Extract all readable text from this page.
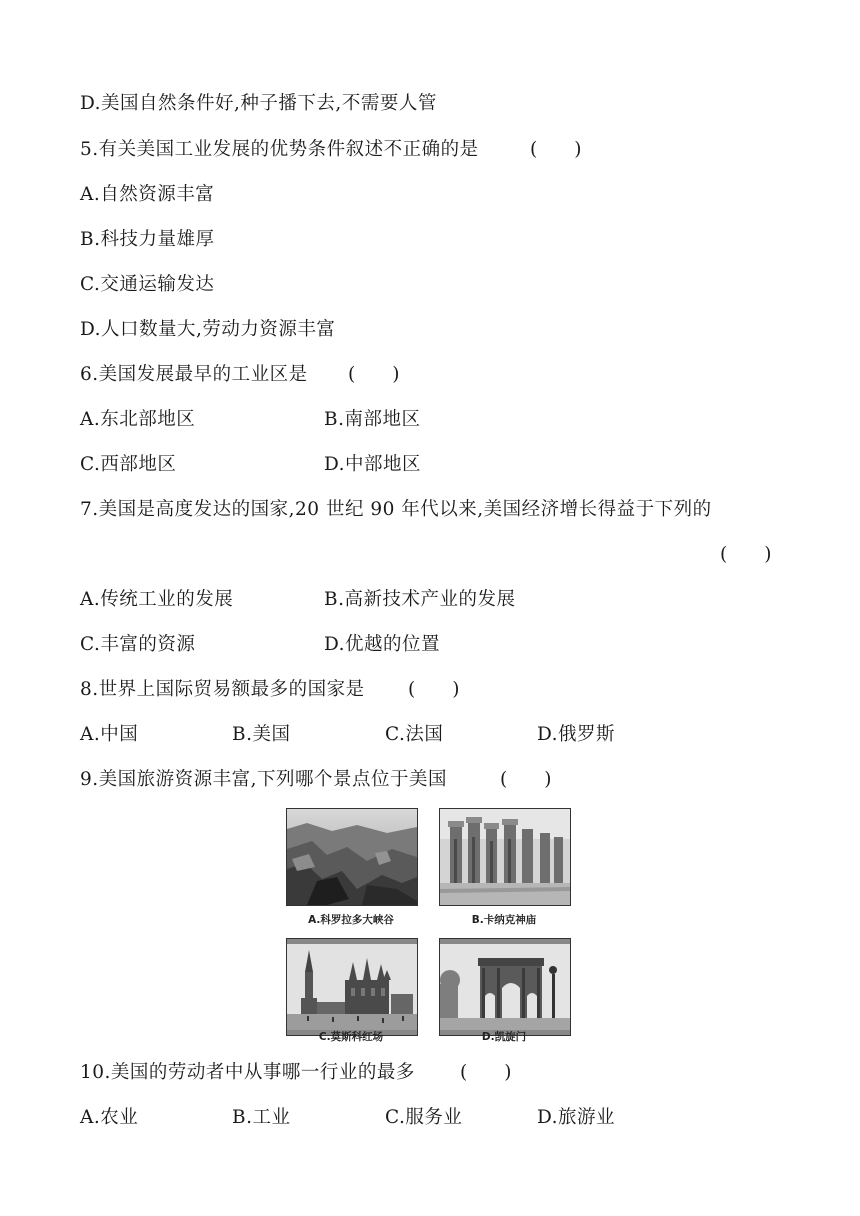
D.美国自然条件好,种子播下去,不需要人管
5.有关美国工业发展的优势条件叙述不正确的是	(　　)
A.自然资源丰富
B.科技力量雄厚
C.交通运输发达
D.人口数量大,劳动力资源丰富
6.美国发展最早的工业区是 (　　)
A.东北部地区	B.南部地区
C.西部地区	D.中部地区
7.美国是高度发达的国家,20 世纪 90 年代以来,美国经济增长得益于下列的
(　　)
A.传统工业的发展	B.高新技术产业的发展
C.丰富的资源	D.优越的位置
8.世界上国际贸易额最多的国家是 (　　)
A.中国	B.美国	C.法国	D.俄罗斯
9.美国旅游资源丰富,下列哪个景点位于美国	(　　)
A.科罗拉多大峡谷	B.卡纳克神庙
C.莫斯科红场	D.凯旋门
10.美国的劳动者中从事哪一行业的最多 (　　)
A.农业	B.工业	C.服务业	D.旅游业
